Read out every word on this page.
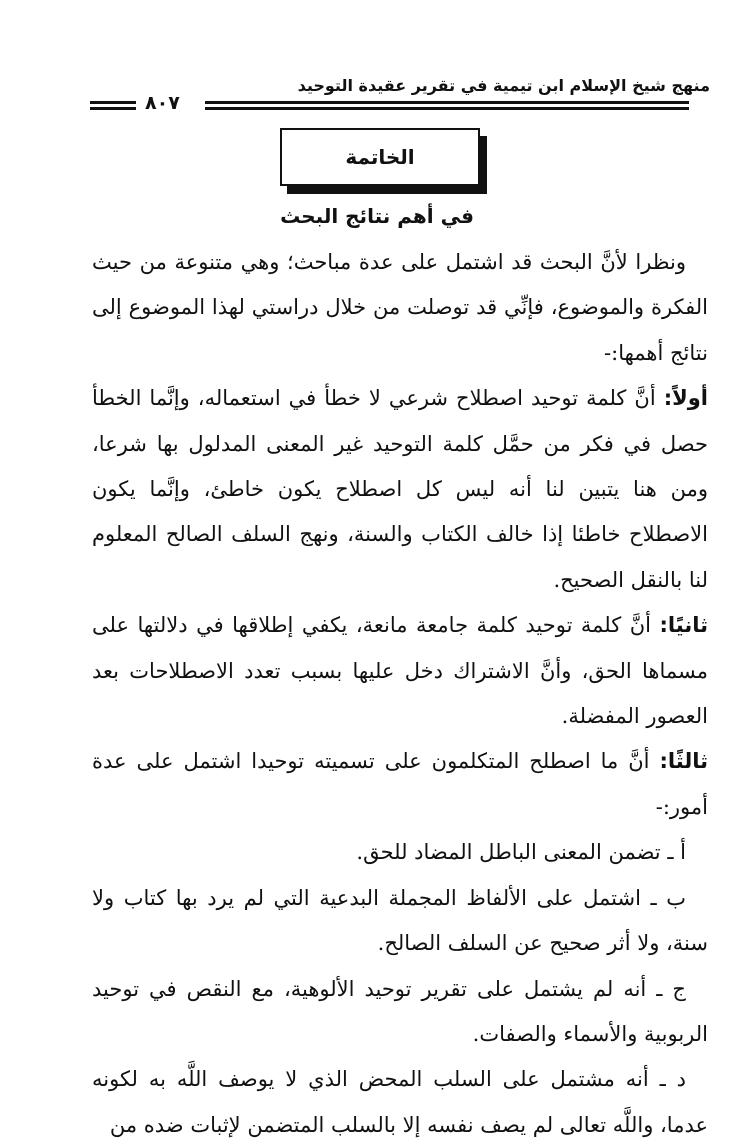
منهج شيخ الإسلام ابن تيمية في تقرير عقيدة التوحيد
٨٠٧
الخاتمة
في أهم نتائج البحث

ونظرا لأنَّ البحث قد اشتمل على عدة مباحث؛ وهي متنوعة من حيث الفكرة والموضوع، فإنِّي قد توصلت من خلال دراستي لهذا الموضوع إلى نتائج أهمها:-

أولاً: أنَّ كلمة توحيد اصطلاح شرعي لا خطأ في استعماله، وإنَّما الخطأ حصل في فكر من حمَّل كلمة التوحيد غير المعنى المدلول بها شرعا، ومن هنا يتبين لنا أنه ليس كل اصطلاح يكون خاطئ، وإنَّما يكون الاصطلاح خاطئا إذا خالف الكتاب والسنة، ونهج السلف الصالح المعلوم لنا بالنقل الصحيح.

ثانيًا: أنَّ كلمة توحيد كلمة جامعة مانعة، يكفي إطلاقها في دلالتها على مسماها الحق، وأنَّ الاشتراك دخل عليها بسبب تعدد الاصطلاحات بعد العصور المفضلة.

ثالثًا: أنَّ ما اصطلح المتكلمون على تسميته توحيدا اشتمل على عدة أمور:-

أ ـ تضمن المعنى الباطل المضاد للحق.

ب ـ اشتمل على الألفاظ المجملة البدعية التي لم يرد بها كتاب ولا سنة، ولا أثر صحيح عن السلف الصالح.

ج ـ أنه لم يشتمل على تقرير توحيد الألوهية، مع النقص في توحيد الربوبية والأسماء والصفات.

د ـ أنه مشتمل على السلب المحض الذي لا يوصف اللَّه به لكونه عدما، واللَّه تعالى لم يصف نفسه إلا بالسلب المتضمن لإثبات ضده من
